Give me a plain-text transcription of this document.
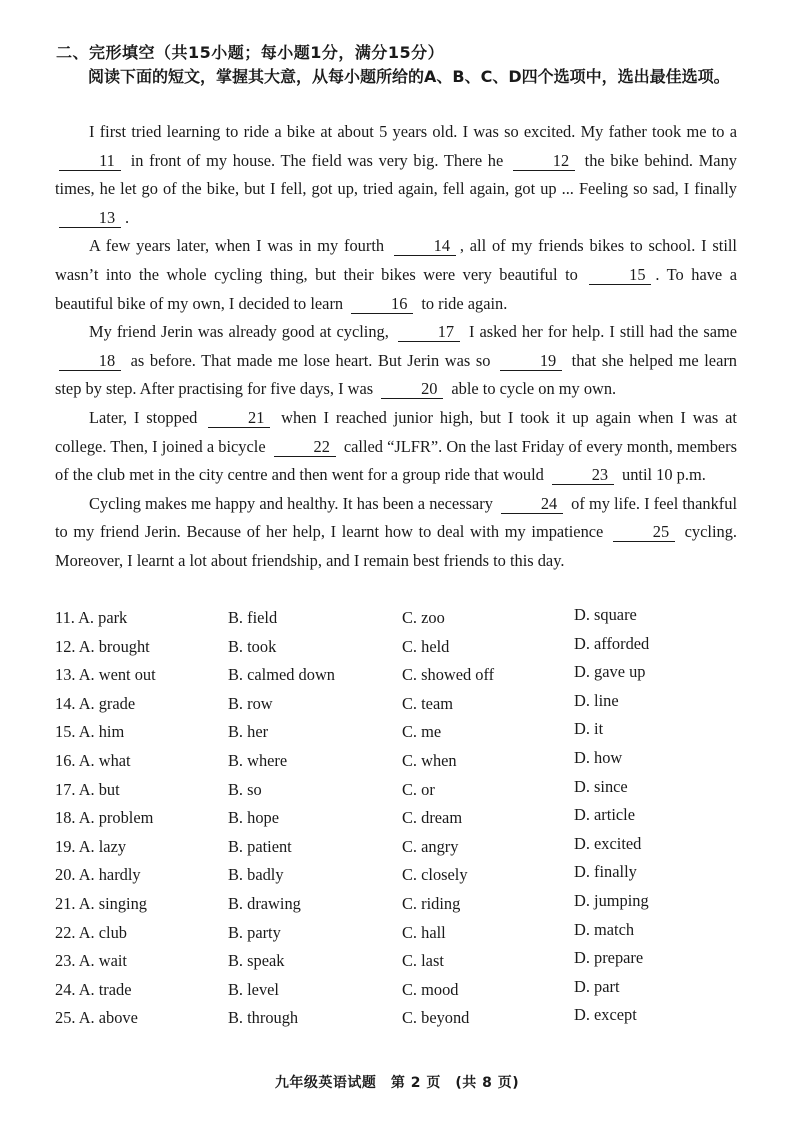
二、完形填空（共15小题；每小题1分，满分15分）
阅读下面的短文，掌握其大意，从每小题所给的A、B、C、D四个选项中，选出最佳选项。

I first tried learning to ride a bike at about 5 years old. I was so excited. My father took me to a 11 in front of my house. The field was very big. There he	12 the bike behind. Many times, he let go of the bike, but I fell, got up, tried again, fell again, got up ... Feeling so sad, I finally 13 .

A few years later, when I was in my fourth	14 , all of my friends bikes to school. I still wasn’t into the whole cycling thing, but their bikes were very beautiful to	15 . To have a beautiful bike of my own, I decided to learn	16 to ride again.

My friend Jerin was already good at cycling,	17 I asked her for help. I still had the same 18 as before. That made me lose heart. But Jerin was so	19 that she helped me learn step by step. After practising for five days, I was	20 able to cycle on my own.

Later, I stopped	21 when I reached junior high, but I took it up again when I was at college. Then, I joined a bicycle	22 called “JLFR”. On the last Friday of every month, members of the club met in the city centre and then went for a group ride that would	23 until 10 p.m.

Cycling makes me happy and healthy. It has been a necessary	24 of my life. I feel thankful to my friend Jerin. Because of her help, I learnt how to deal with my impatience	25 cycling. Moreover, I learnt a lot about friendship, and I remain best friends to this day.

11. A. park	B. field	C. zoo	D. square
12. A. brought	B. took	C. held	D. afforded
13. A. went out	B. calmed down	C. showed off	D. gave up
14. A. grade	B. row	C. team	D. line
15. A. him	B. her	C. me	D. it
16. A. what	B. where	C. when	D. how
17. A. but	B. so	C. or	D. since
18. A. problem	B. hope	C. dream	D. article
19. A. lazy	B. patient	C. angry	D. excited
20. A. hardly	B. badly	C. closely	D. finally
21. A. singing	B. drawing	C. riding	D. jumping
22. A. club	B. party	C. hall	D. match
23. A. wait	B. speak	C. last	D. prepare
24. A. trade	B. level	C. mood	D. part
25. A. above	B. through	C. beyond	D. except
九年级英语试题　第 2 页　(共 8 页)
